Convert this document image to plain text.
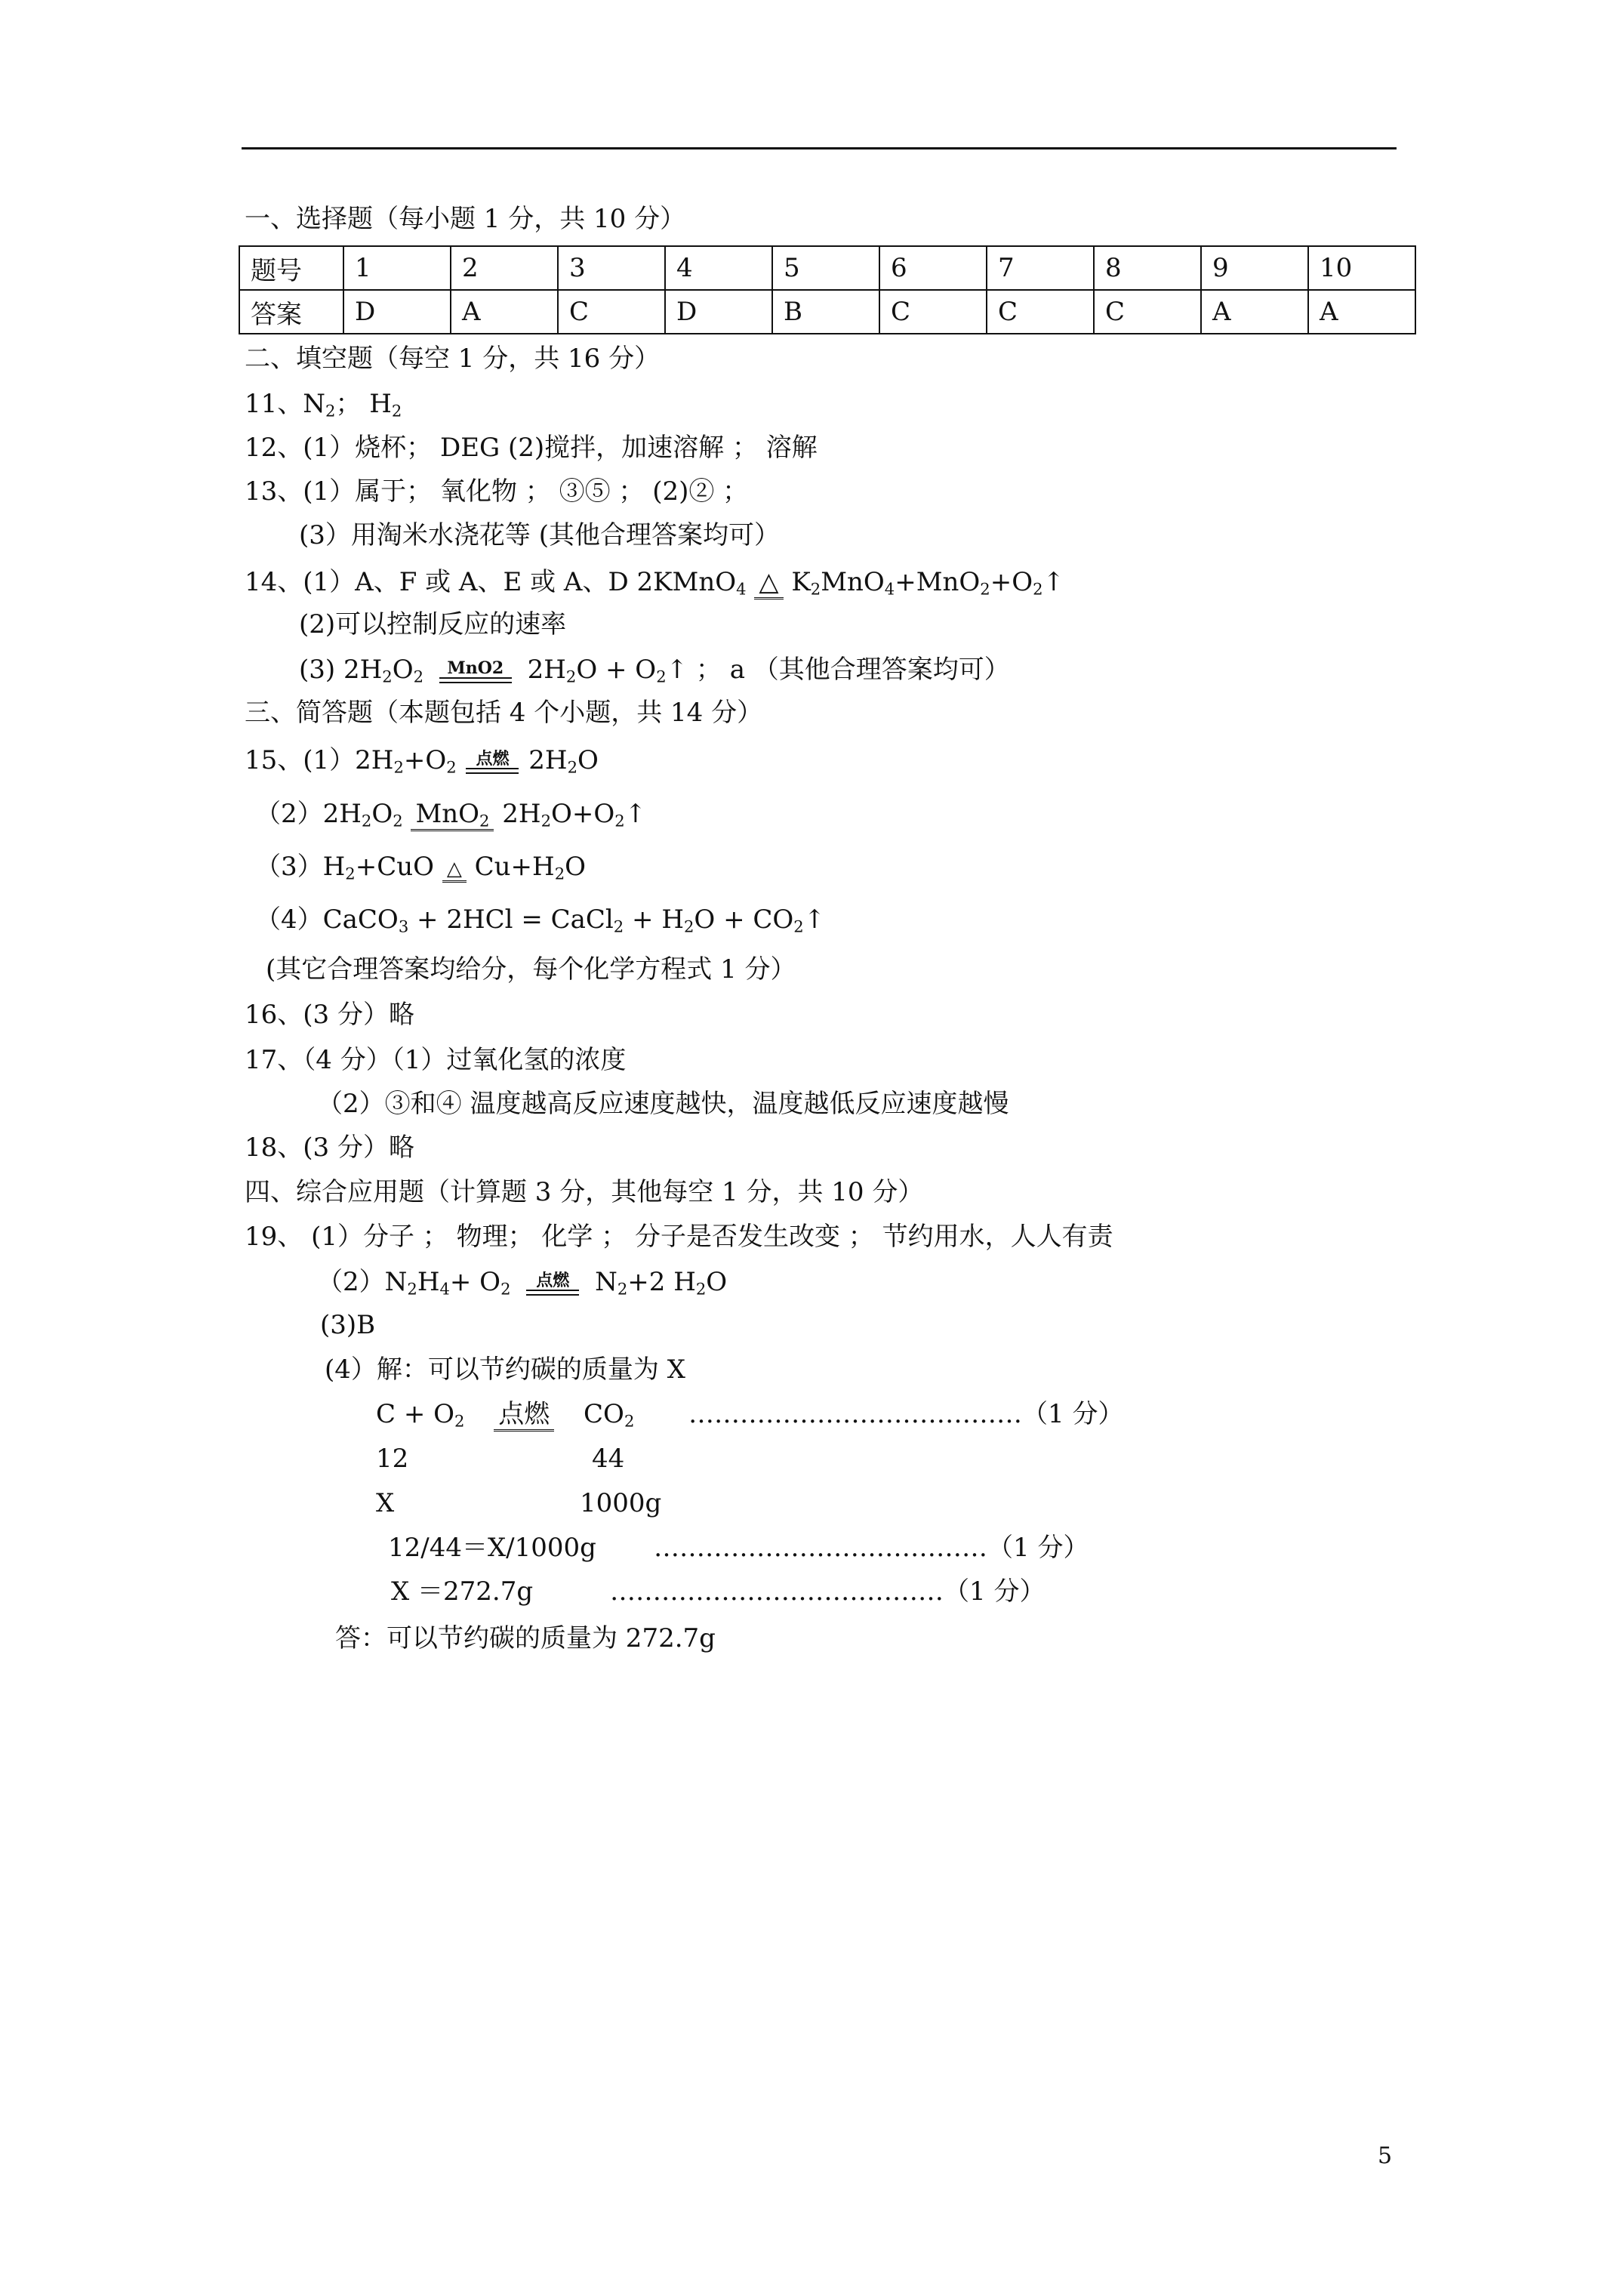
一、选择题（每小题 1 分，共 10 分）
题号	1	2	3	4	5	6	7	8	9	10
答案	D	A	C	D	B	C	C	C	A	A
二、填空题（每空 1 分，共 16 分）
11、$N_2$； $H_2$
12、(1）烧杯； DEG (2)搅拌，加速溶解 ； 溶解
13、(1）属于； 氧化物 ； ③⑤ ； (2)② ；
(3）用淘米水浇花等 (其他合理答案均可）
14、(1）A、F 或 A、E 或 A、D 2KMnO$_4$ △ $K_2MnO_4+MnO_2+O_2↑$
(2)可以控制反应的速率
(3) $2H_2O_2$	MnO2 $2H_2O$ + $O_2↑$ ； a （其他合理答案均可）
三、简答题（本题包括 4 个小题，共 14 分）
15、$(1)2H_2+O_2$	点燃 $2H_2O$
$(2)2H_2O_2$ MnO$_2$ $2H_2O+O_2↑$
$(3)H_2+CuO$ △ $Cu+H_2O$
（4）CaCO$_3$ + 2HCl = CaCl$_2$ + $H_2O$ + $CO_2↑$
(其它合理答案均给分，每个化学方程式 1 分）
16、(3 分）略
17、（4 分）（1）过氧化氢的浓度
（2）③和④ 温度越高反应速度越快，温度越低反应速度越慢
18、(3 分）略
四、综合应用题（计算题 3 分，其他每空 1 分，共 10 分）
19、 (1）分子 ； 物理； 化学 ； 分子是否发生改变 ； 节约用水，人人有责
$(2)N_2H_4+ O_2$	点燃 $N_2+2$ $H_2O$
(3)B
(4）解：可以节约碳的质量为 X
$C + O_2$ 点燃 $CO_2$ …………………………………（1 分）
12	44
X	1000g
12/44＝X/1000g …………………………………（1 分）
X ＝272.7g	…………………………………（1 分）
答：可以节约碳的质量为 272.7g
5
